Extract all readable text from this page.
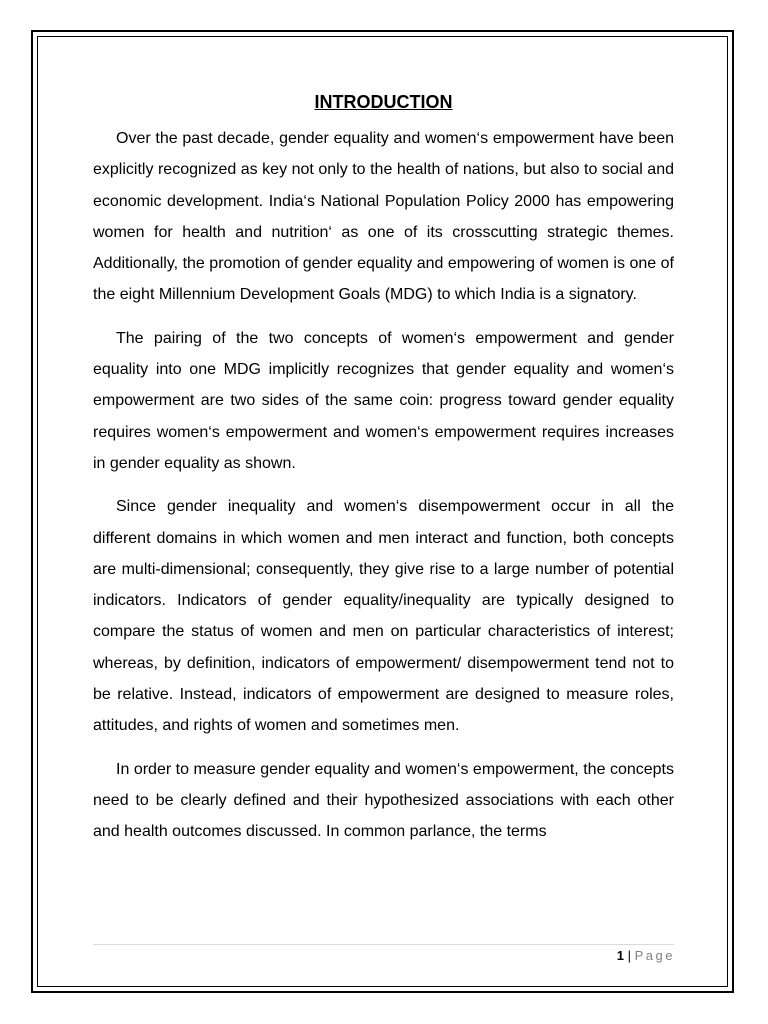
INTRODUCTION

Over the past decade, gender equality and women‘s empowerment have been explicitly recognized as key not only to the health of nations, but also to social and economic development. India‘s National Population Policy 2000 has empowering women for health and nutrition‘ as one of its crosscutting strategic themes. Additionally, the promotion of gender equality and empowering of women is one of the eight Millennium Development Goals (MDG) to which India is a signatory.

The pairing of the two concepts of women‘s empowerment and gender equality into one MDG implicitly recognizes that gender equality and women‘s empowerment are two sides of the same coin: progress toward gender equality requires women‘s empowerment and women‘s empowerment requires increases in gender equality as shown.

Since gender inequality and women‘s disempowerment occur in all the different domains in which women and men interact and function, both concepts are multi-dimensional; consequently, they give rise to a large number of potential indicators. Indicators of gender equality/inequality are typically designed to compare the status of women and men on particular characteristics of interest; whereas, by definition, indicators of empowerment/ disempowerment tend not to be relative. Instead, indicators of empowerment are designed to measure roles, attitudes, and rights of women and sometimes men.

In order to measure gender equality and women‘s empowerment, the concepts need to be clearly defined and their hypothesized associations with each other and health outcomes discussed. In common parlance, the terms

1 | Page
